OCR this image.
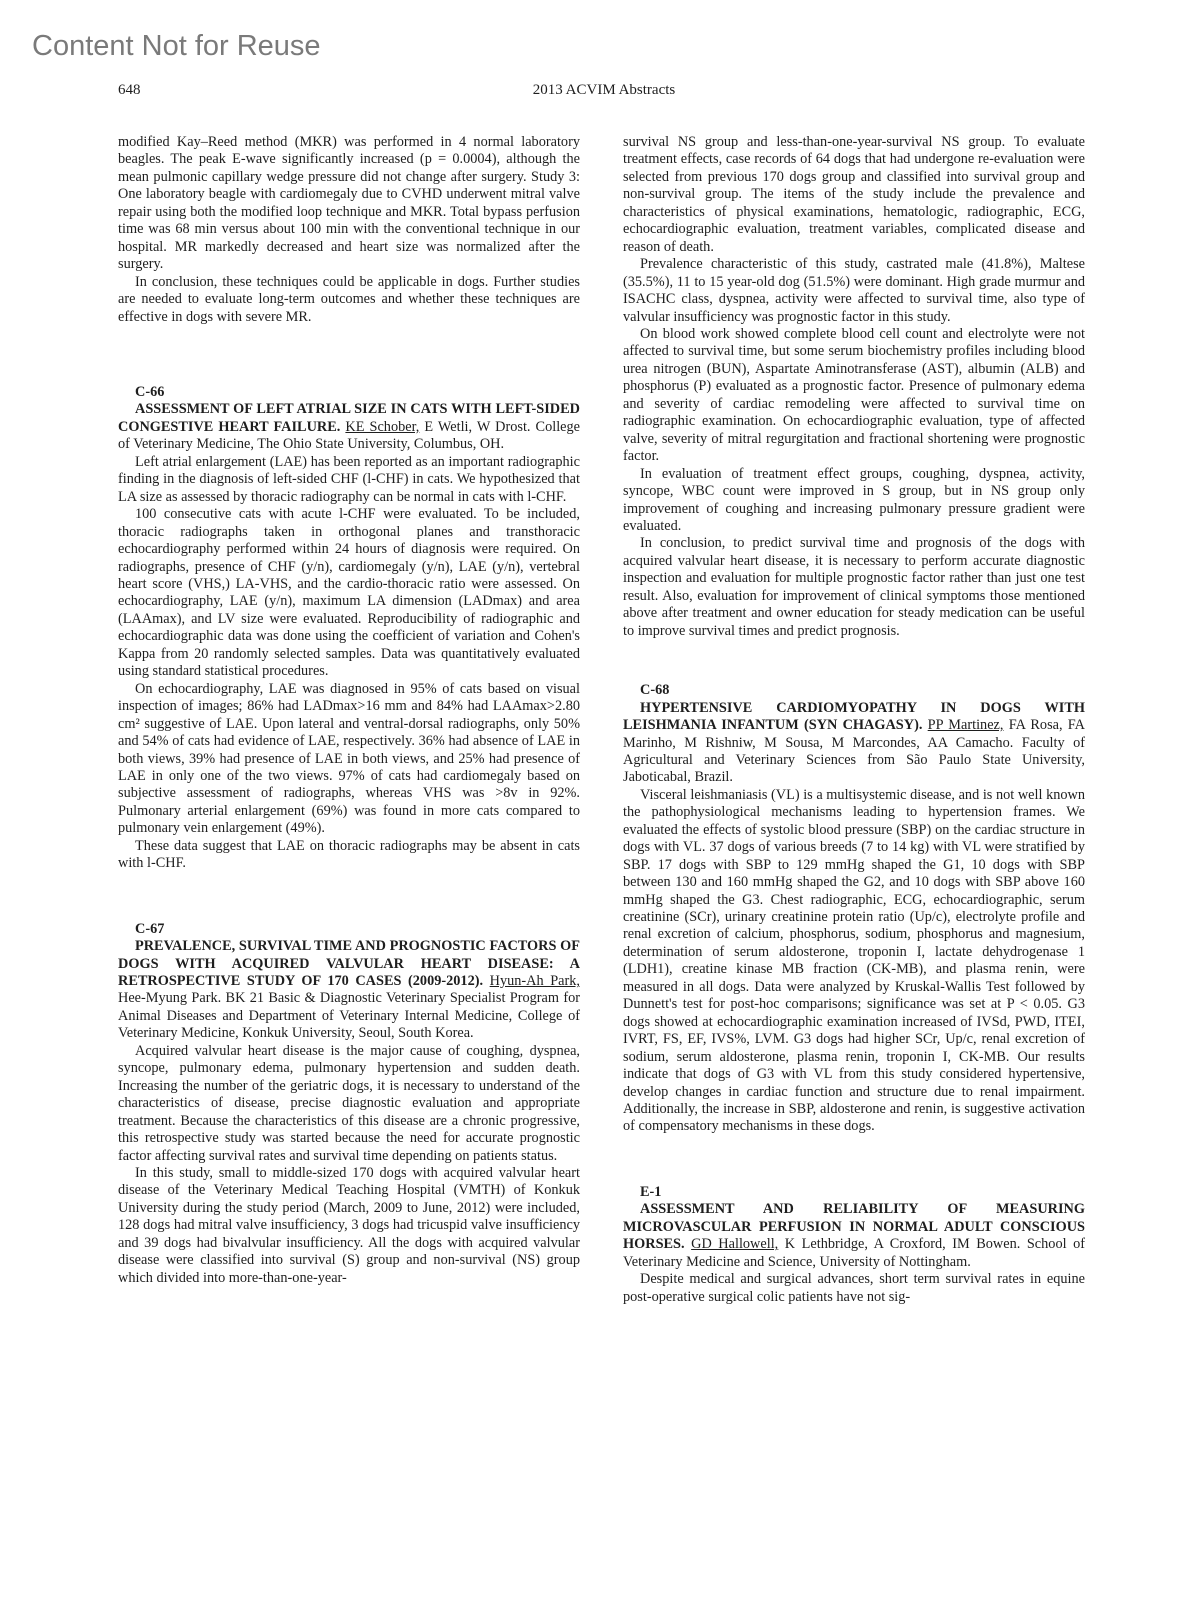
Content Not for Reuse
648	2013 ACVIM Abstracts

modified Kay–Reed method (MKR) was performed in 4 normal laboratory beagles. The peak E-wave significantly increased (p = 0.0004), although the mean pulmonic capillary wedge pressure did not change after surgery. Study 3: One laboratory beagle with cardiomegaly due to CVHD underwent mitral valve repair using both the modified loop technique and MKR. Total bypass perfusion time was 68 min versus about 100 min with the conventional technique in our hospital. MR markedly decreased and heart size was normalized after the surgery.

In conclusion, these techniques could be applicable in dogs. Further studies are needed to evaluate long-term outcomes and whether these techniques are effective in dogs with severe MR.

C-66

ASSESSMENT OF LEFT ATRIAL SIZE IN CATS WITH LEFT-SIDED CONGESTIVE HEART FAILURE. KE Schober, E Wetli, W Drost. College of Veterinary Medicine, The Ohio State University, Columbus, OH.

Left atrial enlargement (LAE) has been reported as an important radiographic finding in the diagnosis of left-sided CHF (l-CHF) in cats. We hypothesized that LA size as assessed by thoracic radiography can be normal in cats with l-CHF.

100 consecutive cats with acute l-CHF were evaluated. To be included, thoracic radiographs taken in orthogonal planes and transthoracic echocardiography performed within 24 hours of diagnosis were required. On radiographs, presence of CHF (y/n), cardiomegaly (y/n), LAE (y/n), vertebral heart score (VHS,) LA-VHS, and the cardio-thoracic ratio were assessed. On echocardiography, LAE (y/n), maximum LA dimension (LADmax) and area (LAAmax), and LV size were evaluated. Reproducibility of radiographic and echocardiographic data was done using the coefficient of variation and Cohen's Kappa from 20 randomly selected samples. Data was quantitatively evaluated using standard statistical procedures.

On echocardiography, LAE was diagnosed in 95% of cats based on visual inspection of images; 86% had LADmax>16 mm and 84% had LAAmax>2.80 cm² suggestive of LAE. Upon lateral and ventral-dorsal radiographs, only 50% and 54% of cats had evidence of LAE, respectively. 36% had absence of LAE in both views, 39% had presence of LAE in both views, and 25% had presence of LAE in only one of the two views. 97% of cats had cardiomegaly based on subjective assessment of radiographs, whereas VHS was >8v in 92%. Pulmonary arterial enlargement (69%) was found in more cats compared to pulmonary vein enlargement (49%).

These data suggest that LAE on thoracic radiographs may be absent in cats with l-CHF.

C-67

PREVALENCE, SURVIVAL TIME AND PROGNOSTIC FACTORS OF DOGS WITH ACQUIRED VALVULAR HEART DISEASE: A RETROSPECTIVE STUDY OF 170 CASES (2009-2012). Hyun-Ah Park, Hee-Myung Park. BK 21 Basic & Diagnostic Veterinary Specialist Program for Animal Diseases and Department of Veterinary Internal Medicine, College of Veterinary Medicine, Konkuk University, Seoul, South Korea.

Acquired valvular heart disease is the major cause of coughing, dyspnea, syncope, pulmonary edema, pulmonary hypertension and sudden death. Increasing the number of the geriatric dogs, it is necessary to understand of the characteristics of disease, precise diagnostic evaluation and appropriate treatment. Because the characteristics of this disease are a chronic progressive, this retrospective study was started because the need for accurate prognostic factor affecting survival rates and survival time depending on patients status.

In this study, small to middle-sized 170 dogs with acquired valvular heart disease of the Veterinary Medical Teaching Hospital (VMTH) of Konkuk University during the study period (March, 2009 to June, 2012) were included, 128 dogs had mitral valve insufficiency, 3 dogs had tricuspid valve insufficiency and 39 dogs had bivalvular insufficiency. All the dogs with acquired valvular disease were classified into survival (S) group and non-survival (NS) group which divided into more-than-one-year-

survival NS group and less-than-one-year-survival NS group. To evaluate treatment effects, case records of 64 dogs that had undergone re-evaluation were selected from previous 170 dogs group and classified into survival group and non-survival group. The items of the study include the prevalence and characteristics of physical examinations, hematologic, radiographic, ECG, echocardiographic evaluation, treatment variables, complicated disease and reason of death.

Prevalence characteristic of this study, castrated male (41.8%), Maltese (35.5%), 11 to 15 year-old dog (51.5%) were dominant. High grade murmur and ISACHC class, dyspnea, activity were affected to survival time, also type of valvular insufficiency was prognostic factor in this study.

On blood work showed complete blood cell count and electrolyte were not affected to survival time, but some serum biochemistry profiles including blood urea nitrogen (BUN), Aspartate Aminotransferase (AST), albumin (ALB) and phosphorus (P) evaluated as a prognostic factor. Presence of pulmonary edema and severity of cardiac remodeling were affected to survival time on radiographic examination. On echocardiographic evaluation, type of affected valve, severity of mitral regurgitation and fractional shortening were prognostic factor.

In evaluation of treatment effect groups, coughing, dyspnea, activity, syncope, WBC count were improved in S group, but in NS group only improvement of coughing and increasing pulmonary pressure gradient were evaluated.

In conclusion, to predict survival time and prognosis of the dogs with acquired valvular heart disease, it is necessary to perform accurate diagnostic inspection and evaluation for multiple prognostic factor rather than just one test result. Also, evaluation for improvement of clinical symptoms those mentioned above after treatment and owner education for steady medication can be useful to improve survival times and predict prognosis.

C-68

HYPERTENSIVE CARDIOMYOPATHY IN DOGS WITH LEISHMANIA INFANTUM (SYN CHAGASY). PP Martinez, FA Rosa, FA Marinho, M Rishniw, M Sousa, M Marcondes, AA Camacho. Faculty of Agricultural and Veterinary Sciences from São Paulo State University, Jaboticabal, Brazil.

Visceral leishmaniasis (VL) is a multisystemic disease, and is not well known the pathophysiological mechanisms leading to hypertension frames. We evaluated the effects of systolic blood pressure (SBP) on the cardiac structure in dogs with VL. 37 dogs of various breeds (7 to 14 kg) with VL were stratified by SBP. 17 dogs with SBP to 129 mmHg shaped the G1, 10 dogs with SBP between 130 and 160 mmHg shaped the G2, and 10 dogs with SBP above 160 mmHg shaped the G3. Chest radiographic, ECG, echocardiographic, serum creatinine (SCr), urinary creatinine protein ratio (Up/c), electrolyte profile and renal excretion of calcium, phosphorus, sodium, phosphorus and magnesium, determination of serum aldosterone, troponin I, lactate dehydrogenase 1 (LDH1), creatine kinase MB fraction (CK-MB), and plasma renin, were measured in all dogs. Data were analyzed by Kruskal-Wallis Test followed by Dunnett's test for post-hoc comparisons; significance was set at P < 0.05. G3 dogs showed at echocardiographic examination increased of IVSd, PWD, ITEI, IVRT, FS, EF, IVS%, LVM. G3 dogs had higher SCr, Up/c, renal excretion of sodium, serum aldosterone, plasma renin, troponin I, CK-MB. Our results indicate that dogs of G3 with VL from this study considered hypertensive, develop changes in cardiac function and structure due to renal impairment. Additionally, the increase in SBP, aldosterone and renin, is suggestive activation of compensatory mechanisms in these dogs.

E-1

ASSESSMENT AND RELIABILITY OF MEASURING MICROVASCULAR PERFUSION IN NORMAL ADULT CONSCIOUS HORSES. GD Hallowell, K Lethbridge, A Croxford, IM Bowen. School of Veterinary Medicine and Science, University of Nottingham.

Despite medical and surgical advances, short term survival rates in equine post-operative surgical colic patients have not sig-
